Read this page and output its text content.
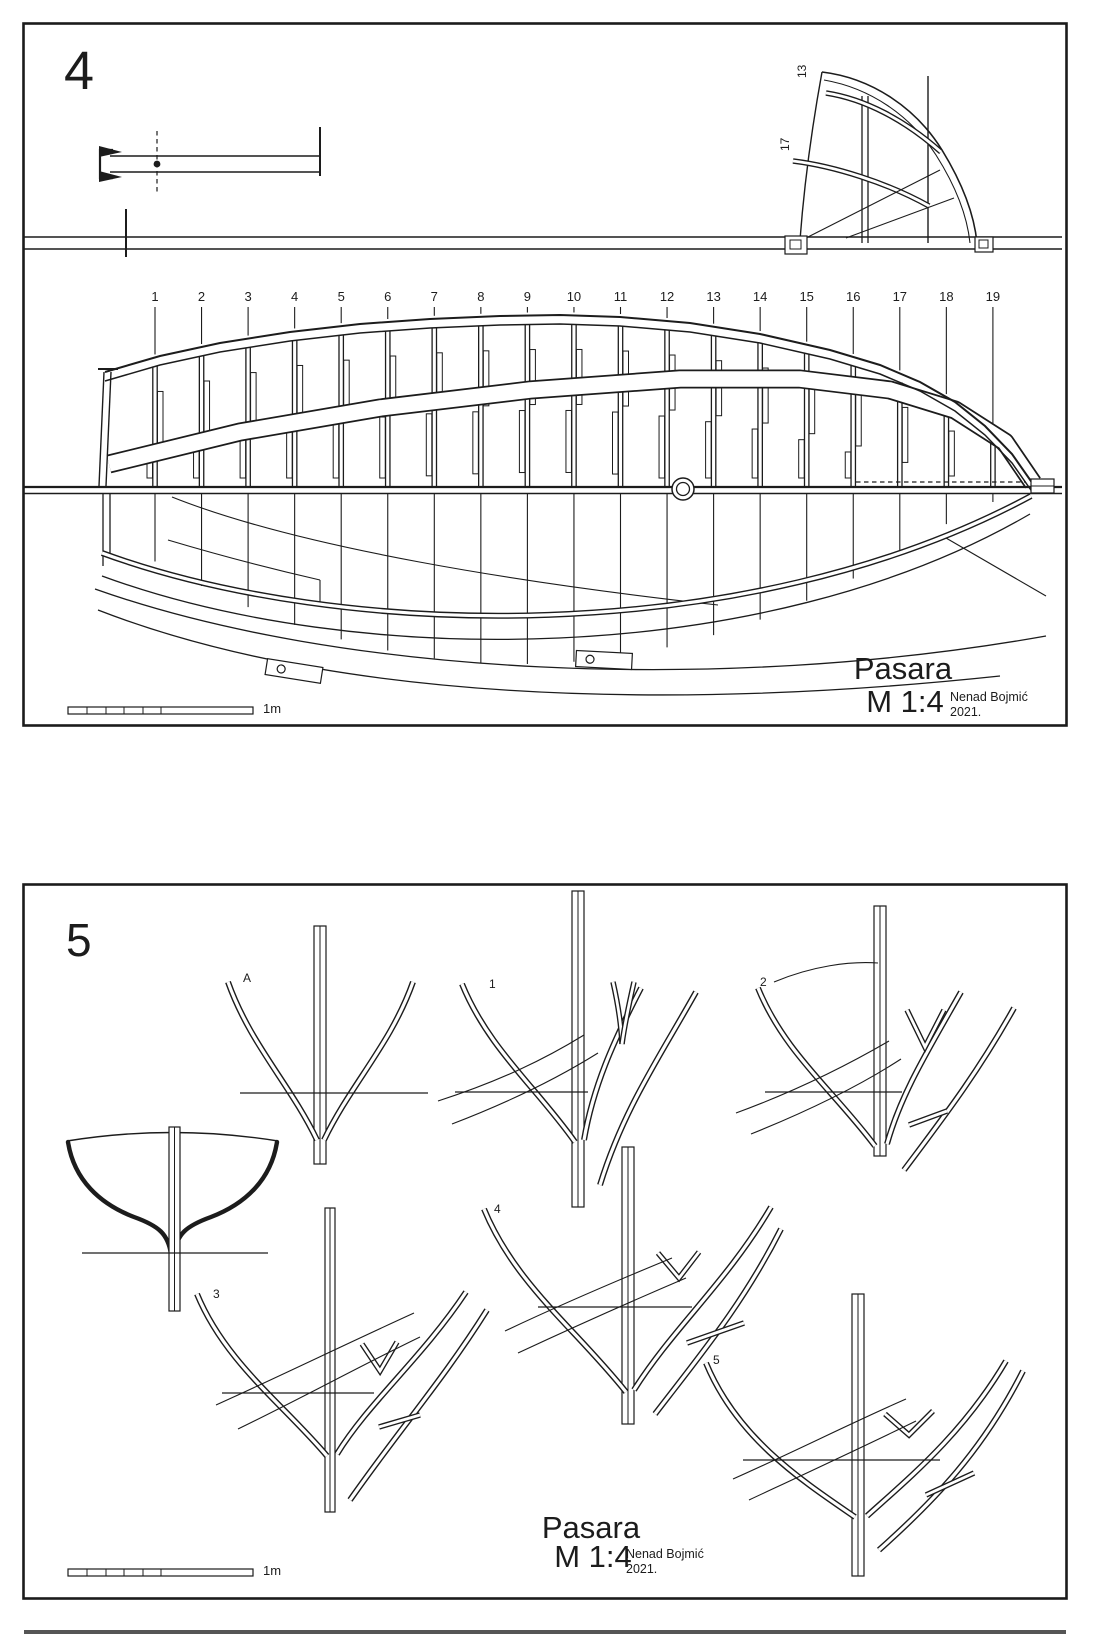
1	2	3	4	5	6	7	8	9	10	11	12 13 14 15 16 17 18 19
4	13
17
1m
Pasara
M 1:4 Nenad Bojmić
2021.
5
A	1	2
3
4
5
1m
Pasara
M 1:4
Nenad Bojmić
2021.
